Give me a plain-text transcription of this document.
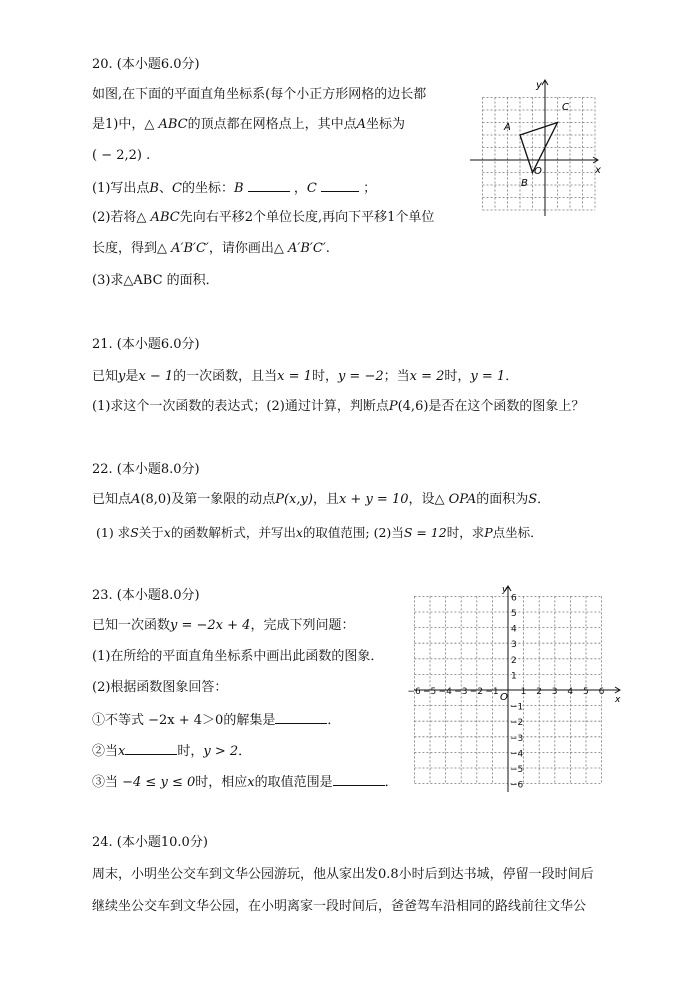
20. (本小题6.0分)
如图,在下面的平面直角坐标系(每个小正方形网格的边长都
是1)中，△ ABC的顶点都在网格点上，其中点A坐标为
( − 2,2) .
(1)写出点B、C的坐标：B	，C	；
(2)若将△ ABC先向右平移2个单位长度,再向下平移1个单位
长度，得到△ A′B′C′，请你画出△ A′B′C′.
(3)求△ABC 的面积．
y
x
O
A
B
C
21. (本小题6.0分)
已知y是x − 1的一次函数，且当x = 1时，y = −2；当x = 2时，y = 1．
(1)求这个一次函数的表达式；(2)通过计算，判断点P(4,6)是否在这个函数的图象上？
22. (本小题8.0分)
已知点A(8,0)及第一象限的动点P(x,y)，且x + y = 10，设△ OPA的面积为S．
(1) 求S关于x的函数解析式，并写出x的取值范围; (2)当S = 12时，求P点坐标．
23. (本小题8.0分)
已知一次函数y = −2x + 4，完成下列问题：
(1)在所给的平面直角坐标系中画出此函数的图象．
(2)根据函数图象回答：
①不等式 −2x + 4＞0的解集是	．
②当x	时，y > 2．
③当 −4 ≤ y ≤ 0时，相应x的取值范围是	．
−6 −5 −4 −3 −2 −1 1 2 3 4 5 6
6
5
4
3
2
1
−1
−2
−3
−4
−5
−6
y
x
O
24. (本小题10.0分)
周末，小明坐公交车到文华公园游玩，他从家出发0.8小时后到达书城，停留一段时间后
继续坐公交车到文华公园，在小明离家一段时间后，爸爸驾车沿相同的路线前往文华公
